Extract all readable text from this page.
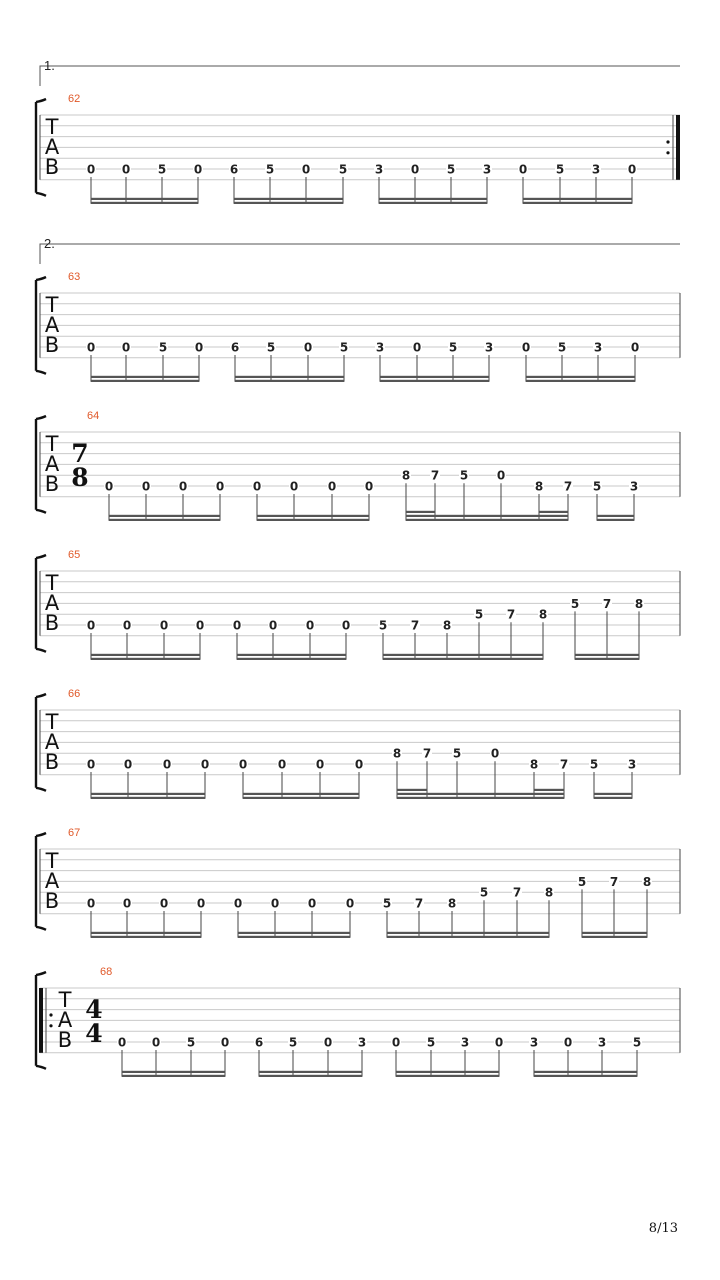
T
A
B
62
1.
0 0 5 0 6 5 0 5 3 0 5 3 0 5 3 0
T
A
B
63
2.
0 0 5 0 6 5 0 5 3 0 5 3 0 5 3 0
T
A
B
7
8
64
0 0 0 0 0 0 0 0
8 7 5 0
8 7 5 3
T
A
B
65
0 0 0 0 0 0 0 0 5 7 8
5 7 8
5 7 8
T
A
B
66
0 0	0 0 0	0 0	0
8 7 5 0
8 7 5 3
T
A
B
67
0 0 0 0 0 0 0 0 5 7 8
5 7 8
5 7 8
T
A
B
4
4
68
0 0 5 0 6 5 0 3 0 5 3 0 3 0 3 5
8/13
